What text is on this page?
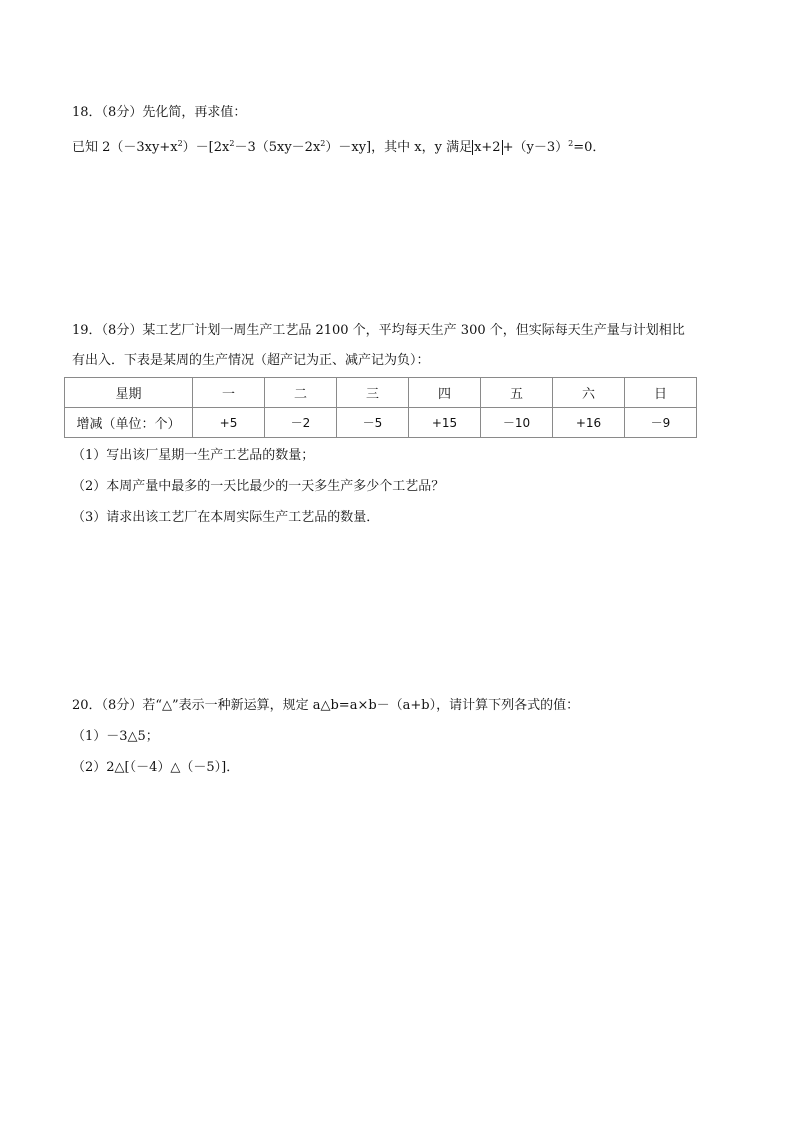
18．（8分）先化简，再求值：
已知 $2(-3xy+x^2)-[2x^2-3(5xy-2x^2)-xy]$，其中 x，y 满足 $x+2 +(y-3)^2=0$．
19．（8分）某工艺厂计划一周生产工艺品 2100 个，平均每天生产 300 个，但实际每天生产量与计划相比
有出入．下表是某周的生产情况（超产记为正、减产记为负）：
星期	一	二	三	四	五	六	日
增减（单位：个）	+5	－2	－5	+15	－10	+16	－9
（1）写出该厂星期一生产工艺品的数量；
（2）本周产量中最多的一天比最少的一天多生产多少个工艺品？
（3）请求出该工艺厂在本周实际生产工艺品的数量．
20．（8分）若“△”表示一种新运算，规定 a△b=a×b－（a+b），请计算下列各式的值：
（1）－3△5；
（2）2△[（－4）△（－5）]．
